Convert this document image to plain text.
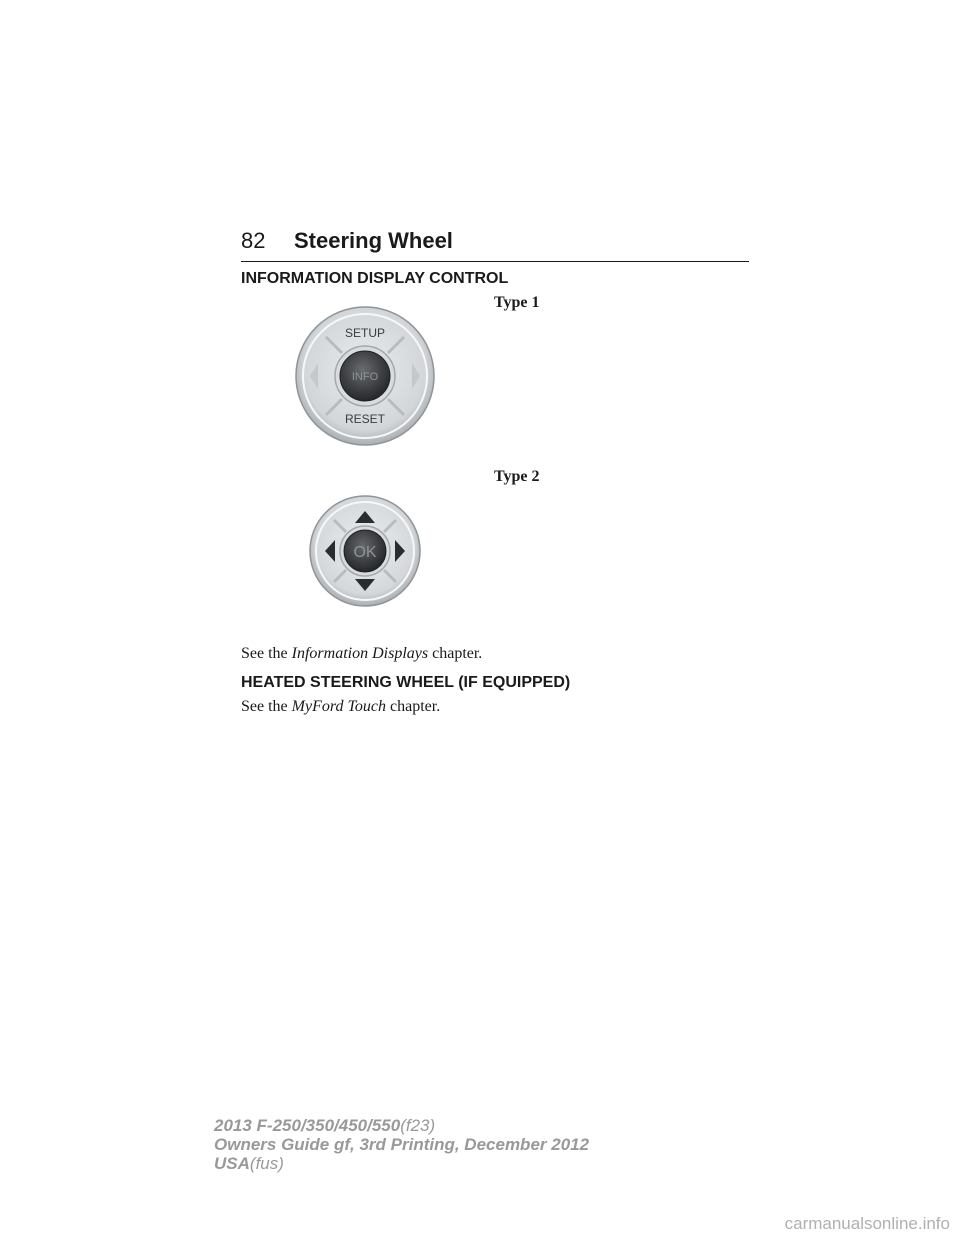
82 Steering Wheel
INFORMATION DISPLAY CONTROL
Type 1
SETUP
INFO
RESET
Type 2
OK
See the Information Displays chapter.
HEATED STEERING WHEEL (IF EQUIPPED)
See the MyFord Touch chapter.
2013 F-250/350/450/550(f23)
Owners Guide gf, 3rd Printing, December 2012
USA(fus)
carmanualsonline.info
